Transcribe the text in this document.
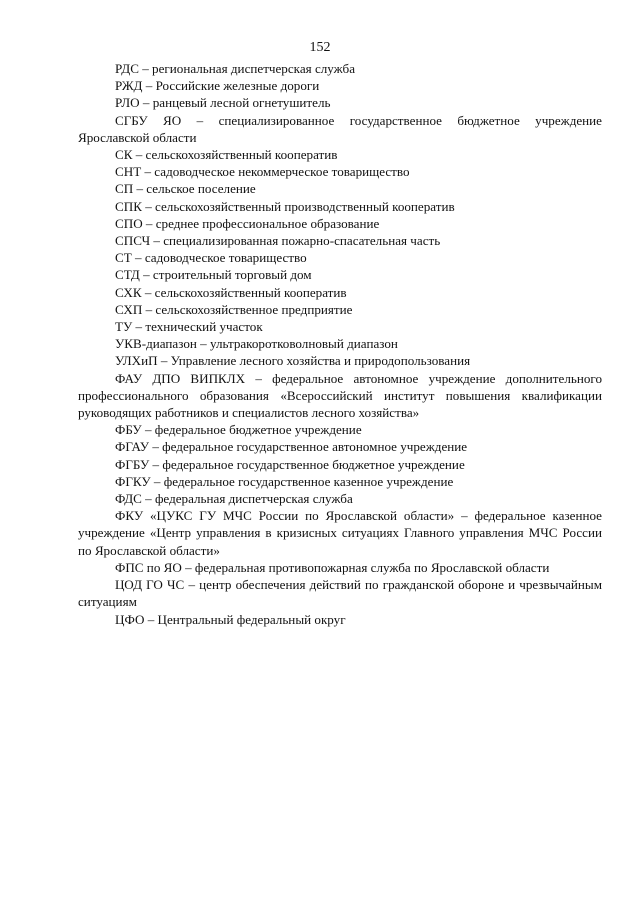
152

РДС – региональная диспетчерская служба

РЖД – Российские железные дороги

РЛО – ранцевый лесной огнетушитель

СГБУ ЯО – специализированное государственное бюджетное учреждение Ярославской области

СК – сельскохозяйственный кооператив

СНТ – садоводческое некоммерческое товарищество

СП – сельское поселение

СПК – сельскохозяйственный производственный кооператив

СПО – среднее профессиональное образование

СПСЧ – специализированная пожарно-спасательная часть

СТ – садоводческое товарищество

СТД – строительный торговый дом

СХК – сельскохозяйственный кооператив

СХП – сельскохозяйственное предприятие

ТУ – технический участок

УКВ-диапазон – ультракоротковолновый диапазон

УЛХиП – Управление лесного хозяйства и природопользования

ФАУ ДПО ВИПКЛХ – федеральное автономное учреждение дополнительного профессионального образования «Всероссийский институт повышения квалификации руководящих работников и специалистов лесного хозяйства»

ФБУ – федеральное бюджетное учреждение

ФГАУ – федеральное государственное автономное учреждение

ФГБУ – федеральное государственное бюджетное учреждение

ФГКУ – федеральное государственное казенное учреждение

ФДС – федеральная диспетчерская служба

ФКУ «ЦУКС ГУ МЧС России по Ярославской области» – федеральное казенное учреждение «Центр управления в кризисных ситуациях Главного управления МЧС России по Ярославской области»

ФПС по ЯО – федеральная противопожарная служба по Ярославской области

ЦОД ГО ЧС – центр обеспечения действий по гражданской обороне и чрезвычайным ситуациям

ЦФО – Центральный федеральный округ
